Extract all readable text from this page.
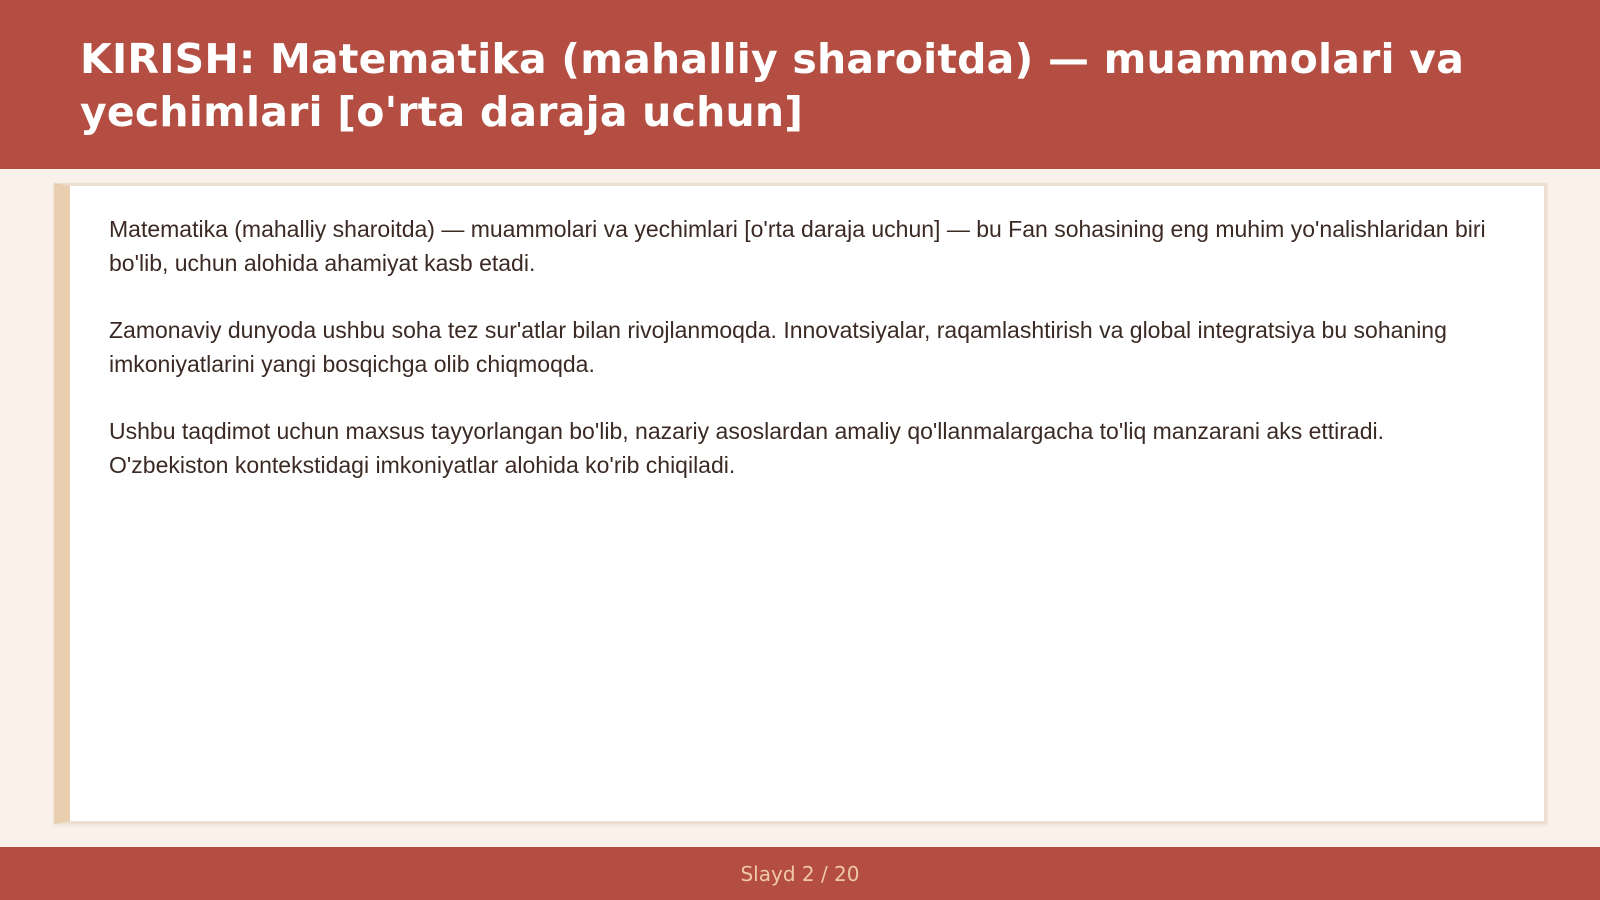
KIRISH: Matematika (mahalliy sharoitda) — muammolari va yechimlari [o'rta daraja uchun]

Matematika (mahalliy sharoitda) — muammolari va yechimlari [o'rta daraja uchun] — bu Fan sohasining eng muhim yo'nalishlaridan biri bo'lib, uchun alohida ahamiyat kasb etadi.

Zamonaviy dunyoda ushbu soha tez sur'atlar bilan rivojlanmoqda. Innovatsiyalar, raqamlashtirish va global integratsiya bu sohaning imkoniyatlarini yangi bosqichga olib chiqmoqda.

Ushbu taqdimot uchun maxsus tayyorlangan bo'lib, nazariy asoslardan amaliy qo'llanmalargacha to'liq manzarani aks ettiradi. O'zbekiston kontekstidagi imkoniyatlar alohida ko'rib chiqiladi.

Slayd 2 / 20
